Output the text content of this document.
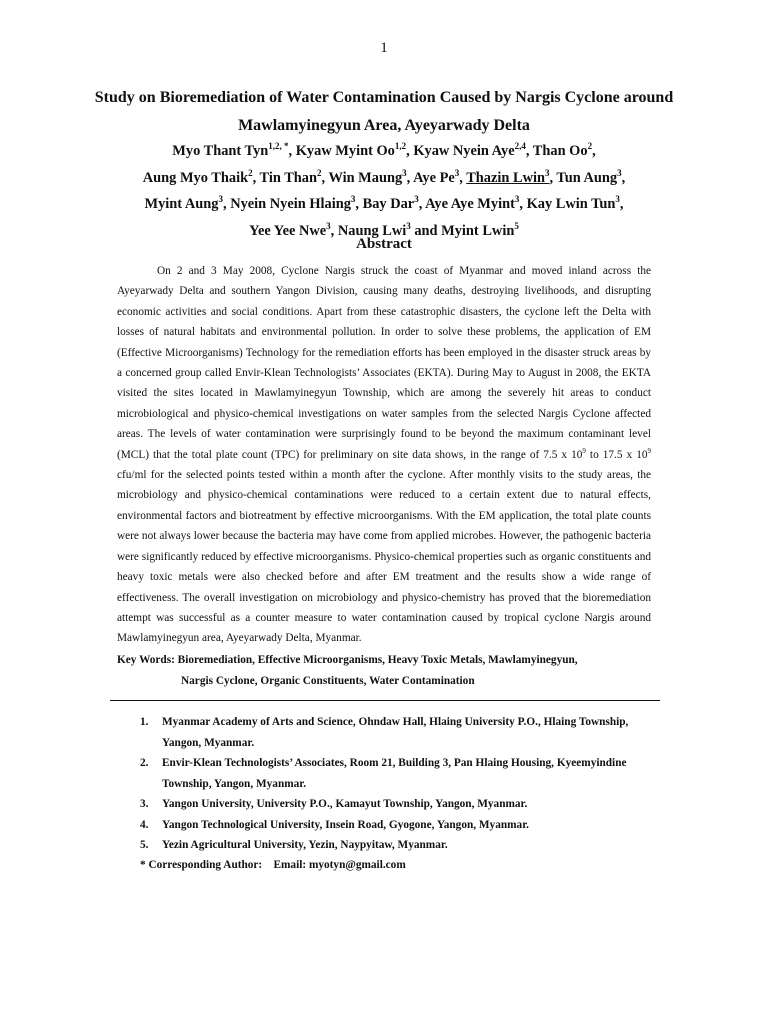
1
Study on Bioremediation of Water Contamination Caused by Nargis Cyclone around Mawlamyinegyun Area, Ayeyarwady Delta
Myo Thant Tyn$^{1,2, *}$, Kyaw Myint Oo$^{1,2}$, Kyaw Nyein Aye$^{2,4}$, Than Oo$^2$,
Aung Myo Thaik$^2$, Tin Than$^2$, Win Maung$^3$, Aye Pe$^3$, Thazin Lwin$^3$, Tun Aung$^3$,
Myint Aung$^3$, Nyein Nyein Hlaing$^3$, Bay Dar$^3$, Aye Aye Myint$^3$, Kay Lwin Tun$^3$,
Yee Yee Nwe$^3$, Naung Lwi$^3$ and Myint Lwin$^5$
Abstract
On 2 and 3 May 2008, Cyclone Nargis struck the coast of Myanmar and moved inland across the Ayeyarwady Delta and southern Yangon Division, causing many deaths, destroying livelihoods, and disrupting economic activities and social conditions. Apart from these catastrophic disasters, the cyclone left the Delta with losses of natural habitats and environmental pollution. In order to solve these problems, the application of EM (Effective Microorganisms) Technology for the remediation efforts has been employed in the disaster struck areas by a concerned group called Envir-Klean Technologists’ Associates (EKTA). During May to August in 2008, the EKTA visited the sites located in Mawlamyinegyun Township, which are among the severely hit areas to conduct microbiological and physico-chemical investigations on water samples from the selected Nargis Cyclone affected areas. The levels of water contamination were surprisingly found to be beyond the maximum contaminant level (MCL) that the total plate count (TPC) for preliminary on site data shows, in the range of 7.5 x $10^9$ to 17.5 x $10^9$ cfu/ml for the selected points tested within a month after the cyclone. After monthly visits to the study areas, the microbiology and physico-chemical contaminations were reduced to a certain extent due to natural effects, environmental factors and biotreatment by effective microorganisms. With the EM application, the total plate counts were not always lower because the bacteria may have come from applied microbes. However, the pathogenic bacteria were significantly reduced by effective microorganisms. Physico-chemical properties such as organic constituents and heavy toxic metals were also checked before and after EM treatment and the results show a wide range of effectiveness. The overall investigation on microbiology and physico-chemistry has proved that the bioremediation attempt was successful as a counter measure to water contamination caused by tropical cyclone Nargis around Mawlamyinegyun area, Ayeyarwady Delta, Myanmar.
Key Words: Bioremediation, Effective Microorganisms, Heavy Toxic Metals, Mawlamyinegyun,
Nargis Cyclone, Organic Constituents, Water Contamination
1.	Myanmar Academy of Arts and Science, Ohndaw Hall, Hlaing University P.O., Hlaing Township, Yangon, Myanmar.
2.	Envir-Klean Technologists’ Associates, Room 21, Building 3, Pan Hlaing Housing, Kyeemyindine Township, Yangon, Myanmar.
3.	Yangon University, University P.O., Kamayut Township, Yangon, Myanmar.
4.	Yangon Technological University, Insein Road, Gyogone, Yangon, Myanmar.
5.	Yezin Agricultural University, Yezin, Naypyitaw, Myanmar.
* Corresponding Author:    Email: myotyn@gmail.com
